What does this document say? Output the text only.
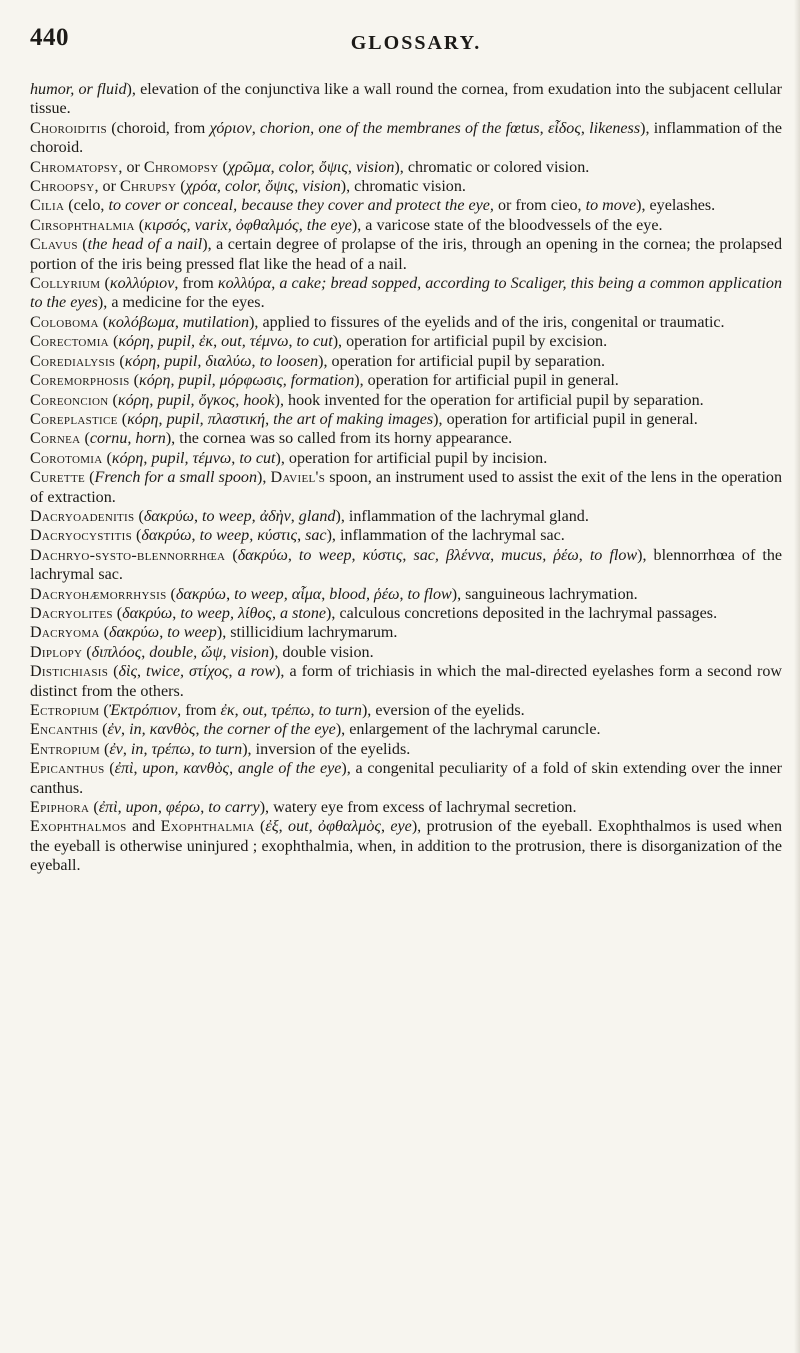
440	GLOSSARY.

humor, or fluid), elevation of the conjunctiva like a wall round the cornea, from exudation into the subjacent cellular tissue.

Choroiditis (choroid, from χόριον, chorion, one of the membranes of the fœtus, εἶδος, likeness), inflammation of the choroid.

Chromatopsy, or Chromopsy (χρῶμα, color, ὄψις, vision), chromatic or colored vision.

Chroopsy, or Chrupsy (χρόα, color, ὄψις, vision), chromatic vision.

Cilia (celo, to cover or conceal, because they cover and protect the eye, or from cieo, to move), eyelashes.

Cirsophthalmia (κιρσός, varix, ὀφθαλμός, the eye), a varicose state of the bloodvessels of the eye.

Clavus (the head of a nail), a certain degree of prolapse of the iris, through an opening in the cornea; the prolapsed portion of the iris being pressed flat like the head of a nail.

Collyrium (κολλύριον, from κολλύρα, a cake; bread sopped, according to Scaliger, this being a common application to the eyes), a medicine for the eyes.

Coloboma (κολόβωμα, mutilation), applied to fissures of the eyelids and of the iris, congenital or traumatic.

Corectomia (κόρη, pupil, ἐκ, out, τέμνω, to cut), operation for artificial pupil by excision.

Coredialysis (κόρη, pupil, διαλύω, to loosen), operation for artificial pupil by separation.

Coremorphosis (κόρη, pupil, μόρφωσις, formation), operation for artificial pupil in general.

Coreoncion (κόρη, pupil, ὄγκος, hook), hook invented for the operation for artificial pupil by separation.

Coreplastice (κόρη, pupil, πλαστική, the art of making images), operation for artificial pupil in general.

Cornea (cornu, horn), the cornea was so called from its horny appearance.

Corotomia (κόρη, pupil, τέμνω, to cut), operation for artificial pupil by incision.

Curette (French for a small spoon), Daviel's spoon, an instrument used to assist the exit of the lens in the operation of extraction.

Dacryoadenitis (δακρύω, to weep, ἀδὴν, gland), inflammation of the lachrymal gland.

Dacryocystitis (δακρύω, to weep, κύστις, sac), inflammation of the lachrymal sac.

Dachryo-systo-blennorrhœa (δακρύω, to weep, κύστις, sac, βλέννα, mucus, ῥέω, to flow), blennorrhœa of the lachrymal sac.

Dacryohæmorrhysis (δακρύω, to weep, αἷμα, blood, ῥέω, to flow), sanguineous lachrymation.

Dacryolites (δακρύω, to weep, λίθος, a stone), calculous concretions deposited in the lachrymal passages.

Dacryoma (δακρύω, to weep), stillicidium lachrymarum.

Diplopy (διπλόος, double, ὤψ, vision), double vision.

Distichiasis (δὶς, twice, στίχος, a row), a form of trichiasis in which the mal-directed eyelashes form a second row distinct from the others.

Ectropium (Ἐκτρόπιον, from ἐκ, out, τρέπω, to turn), eversion of the eyelids.

Encanthis (ἐν, in, κανθὸς, the corner of the eye), enlargement of the lachrymal caruncle.

Entropium (ἐν, in, τρέπω, to turn), inversion of the eyelids.

Epicanthus (ἐπὶ, upon, κανθὸς, angle of the eye), a congenital peculiarity of a fold of skin extending over the inner canthus.

Epiphora (ἐπὶ, upon, φέρω, to carry), watery eye from excess of lachrymal secretion.

Exophthalmos and Exophthalmia (ἐξ, out, ὀφθαλμὸς, eye), protrusion of the eyeball. Exophthalmos is used when the eyeball is otherwise uninjured ; exophthalmia, when, in addition to the protrusion, there is disorganization of the eyeball.
